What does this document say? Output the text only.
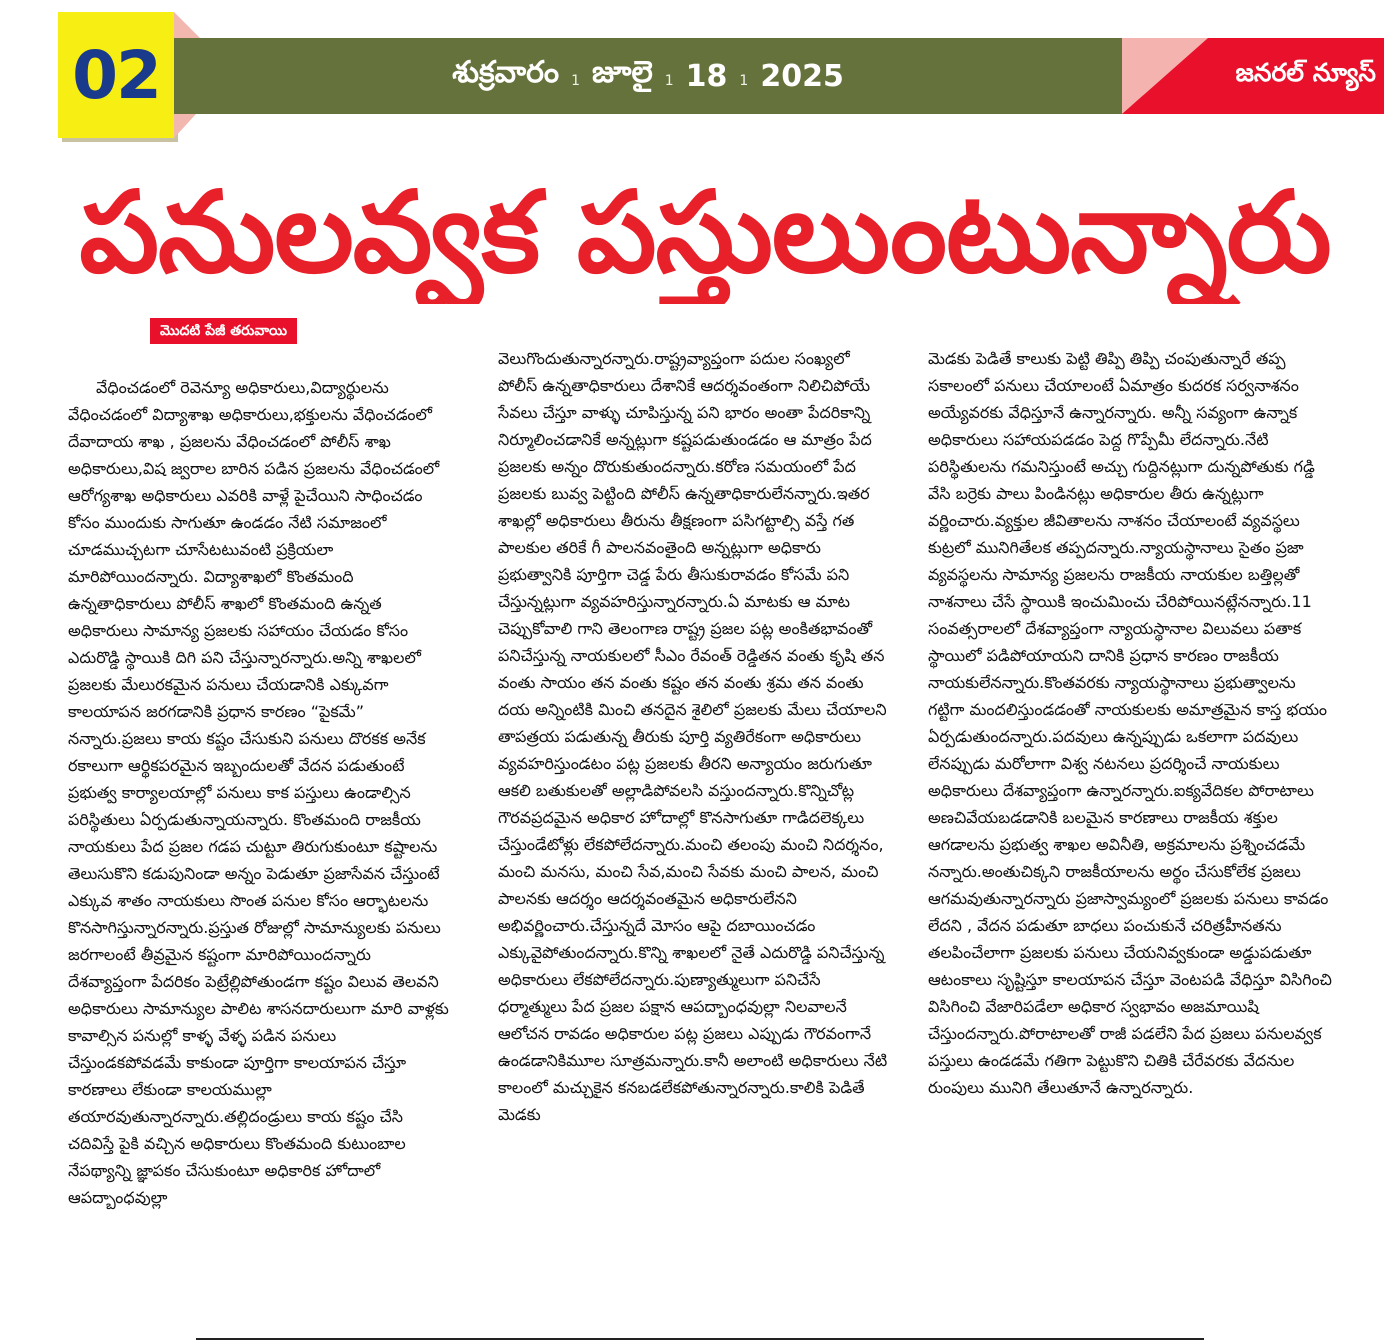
02	శుక్రవారం 1 జూలై 1 18 1 2025	జనరల్ న్యూస్
పనులవ్వక పస్తులుంటున్నారు
మొదటి పేజీ తరువాయి

వేధించడంలో రెవెన్యూ అధికారులు,విద్యార్థులను వేధించడంలో విద్యాశాఖ అధికారులు,భక్తులను వేధించడంలో దేవాదాయ శాఖ , ప్రజలను వేధించడంలో పోలీస్ శాఖ అధికారులు,విష జ్వరాల బారిన పడిన ప్రజలను వేధించడంలో ఆరోగ్యశాఖ అధికారులు ఎవరికి వాళ్లే పైచేయిని సాధించడం కోసం ముందుకు సాగుతూ ఉండడం నేటి సమాజంలో చూడముచ్చటగా చూసేటటువంటి ప్రక్రియలా మారిపోయిందన్నారు. విద్యాశాఖలో కొంతమంది ఉన్నతాధికారులు పోలీస్ శాఖలో కొంతమంది ఉన్నత అధికారులు సామాన్య ప్రజలకు సహాయం చేయడం కోసం ఎదురొడ్డి స్థాయికి దిగి పని చేస్తున్నారన్నారు.అన్ని శాఖలలో ప్రజలకు మేలురకమైన పనులు చేయడానికి ఎక్కువగా కాలయాపన జరగడానికి ప్రధాన కారణం “పైకమే” నన్నారు.ప్రజలు కాయ కష్టం చేసుకుని పనులు దొరకక అనేక రకాలుగా ఆర్థికపరమైన ఇబ్బందులతో వేదన పడుతుంటే ప్రభుత్వ కార్యాలయాల్లో పనులు కాక పస్తులు ఉండాల్సిన పరిస్థితులు ఏర్పడుతున్నాయన్నారు. కొంతమంది రాజకీయ నాయకులు పేద ప్రజల గడప చుట్టూ తిరుగుకుంటూ కష్టాలను తెలుసుకొని కడుపునిండా అన్నం పెడుతూ ప్రజాసేవన చేస్తుంటే ఎక్కువ శాతం నాయకులు సొంత పనుల కోసం ఆర్భాటలను కొనసాగిస్తున్నారన్నారు.ప్రస్తుత రోజుల్లో సామాన్యులకు పనులు జరగాలంటే తీవ్రమైన కష్టంగా మారిపోయిందన్నారు దేశవ్యాప్తంగా పేదరికం పెట్రేల్లిపోతుండగా కష్టం విలువ తెలవని అధికారులు సామాన్యుల పాలిట శాసనదారులుగా మారి వాళ్లకు కావాల్సిన పనుల్లో కాళ్ళ వేళ్ళ పడిన పనులు చేస్తుండకపోవడమే కాకుండా పూర్తిగా కాలయాపన చేస్తూ కారణాలు లేకుండా కాలయముల్లా తయారవుతున్నారన్నారు.తల్లిదండ్రులు కాయ కష్టం చేసి చదివిస్తే పైకి వచ్చిన అధికారులు కొంతమంది కుటుంబాల నేపథ్యాన్ని జ్ఞాపకం చేసుకుంటూ అధికారిక హోదాలో ఆపద్బాంధవుల్లా

వెలుగొందుతున్నారన్నారు.రాష్ట్రవ్యాప్తంగా పదుల సంఖ్యలో పోలీస్ ఉన్నతాధికారులు దేశానికే ఆదర్శవంతంగా నిలిచిపోయే సేవలు చేస్తూ వాళ్ళు చూపిస్తున్న పని భారం అంతా పేదరికాన్ని నిర్మూలించడానికే అన్నట్లుగా కష్టపడుతుండడం ఆ మాత్రం పేద ప్రజలకు అన్నం దొరుకుతుందన్నారు.కరోణ సమయంలో పేద ప్రజలకు బువ్వ పెట్టింది పోలీస్ ఉన్నతాధికారులేనన్నారు.ఇతర శాఖల్లో అధికారులు తీరును తీక్షణంగా పసిగట్టాల్సి వస్తే గత పాలకుల తరికే గీ పాలనవంతైంది అన్నట్లుగా అధికారు ప్రభుత్వానికి పూర్తిగా చెడ్డ పేరు తీసుకురావడం కోసమే పని చేస్తున్నట్లుగా వ్యవహరిస్తున్నారన్నారు.ఏ మాటకు ఆ మాట చెప్పుకోవాలి గాని తెలంగాణ రాష్ట్ర ప్రజల పట్ల అంకితభావంతో పనిచేస్తున్న నాయకులలో సీఎం రేవంత్ రెడ్డితన వంతు కృషి తన వంతు సాయం తన వంతు కష్టం తన వంతు శ్రమ తన వంతు దయ అన్నింటికి మించి తనదైన శైలిలో ప్రజలకు మేలు చేయాలని తాపత్రయ పడుతున్న తీరుకు పూర్తి వ్యతిరేకంగా అధికారులు వ్యవహరిస్తుండటం పట్ల ప్రజలకు తీరని అన్యాయం జరుగుతూ ఆకలి బతుకులతో అల్లాడిపోవలసి వస్తుందన్నారు.కొన్నిచోట్ల గౌరవప్రదమైన అధికార హోదాల్లో కొనసాగుతూ గాడిదలెక్కలు చేస్తుండేటోళ్లు లేకపోలేదన్నారు.మంచి తలంపు మంచి నిదర్శనం, మంచి మనసు, మంచి సేవ,మంచి సేవకు మంచి పాలన, మంచి పాలనకు ఆదర్శం ఆదర్శవంతమైన అధికారులేనని అభివర్ణించారు.చేస్తున్నదే మోసం ఆపై దబాయించడం ఎక్కువైపోతుందన్నారు.కొన్ని శాఖలలో నైతే ఎదురొడ్డి పనిచేస్తున్న అధికారులు లేకపోలేదన్నారు.పుణ్యాత్ములుగా పనిచేసే ధర్మాత్ములు పేద ప్రజల పక్షాన ఆపద్బాంధవుల్లా నిలవాలనే ఆలోచన రావడం అధికారుల పట్ల ప్రజలు ఎప్పుడు గౌరవంగానే ఉండడానికిమూల సూత్రమన్నారు.కానీ అలాంటి అధికారులు నేటి కాలంలో మచ్చుకైన కనబడలేకపోతున్నారన్నారు.కాలికి పెడితే మెడకు

మెడకు పెడితే కాలుకు పెట్టి తిప్పి తిప్పి చంపుతున్నారే తప్ప సకాలంలో పనులు చేయాలంటే ఏమాత్రం కుదరక సర్వనాశనం అయ్యేవరకు వేధిస్తూనే ఉన్నారన్నారు. అన్నీ సవ్యంగా ఉన్నాక అధికారులు సహాయపడడం పెద్ద గొప్పేమీ లేదన్నారు.నేటి పరిస్థితులను గమనిస్తుంటే అచ్చు గుద్దినట్లుగా దున్నపోతుకు గడ్డి వేసి బర్రెకు పాలు పిండినట్లు అధికారుల తీరు ఉన్నట్లుగా వర్ణించారు.వ్యక్తుల జీవితాలను నాశనం చేయాలంటే వ్యవస్థలు కుట్రలో మునిగితేలక తప్పదన్నారు.న్యాయస్థానాలు సైతం ప్రజా వ్యవస్థలను సామాన్య ప్రజలను రాజకీయ నాయకుల బత్తిల్లతో నాశనాలు చేసే స్థాయికి ఇంచుమించు చేరిపోయినట్లేనన్నారు.11 సంవత్సరాలలో దేశవ్యాప్తంగా న్యాయస్థానాల విలువలు పతాక స్థాయిలో పడిపోయాయని దానికి ప్రధాన కారణం రాజకీయ నాయకులేనన్నారు.కొంతవరకు న్యాయస్థానాలు ప్రభుత్వాలను గట్టిగా మందలిస్తుండడంతో నాయకులకు అమాత్రమైన కాస్త భయం ఏర్పడుతుందన్నారు.పదవులు ఉన్నప్పుడు ఒకలాగా పదవులు లేనప్పుడు మరోలాగా విశ్వ నటనలు ప్రదర్శించే నాయకులు అధికారులు దేశవ్యాప్తంగా ఉన్నారన్నారు.ఐక్యవేదికల పోరాటాలు అణచివేయబడడానికి బలమైన కారణాలు రాజకీయ శక్తుల ఆగడాలను ప్రభుత్వ శాఖల అవినీతి, అక్రమాలను ప్రశ్నించడమే నన్నారు.అంతుచిక్కని రాజకీయాలను అర్థం చేసుకోలేక ప్రజలు ఆగమవుతున్నారన్నారు ప్రజాస్వామ్యంలో ప్రజలకు పనులు కావడం లేదని , వేదన పడుతూ బాధలు పంచుకునే చరిత్రహీనతను తలపించేలాగా ప్రజలకు పనులు చేయనివ్వకుండా అడ్డుపడుతూ ఆటంకాలు సృష్టిస్తూ కాలయాపన చేస్తూ వెంటపడి వేధిస్తూ విసిగించి విసిగించి వేజారిపడేలా అధికార స్వభావం అజమాయిషి చేస్తుందన్నారు.పోరాటాలతో రాజీ పడలేని పేద ప్రజలు పనులవ్వక పస్తులు ఉండడమే గతిగా పెట్టుకొని చితికి చేరేవరకు వేదనుల రుంపులు మునిగి తేలుతూనే ఉన్నారన్నారు.
